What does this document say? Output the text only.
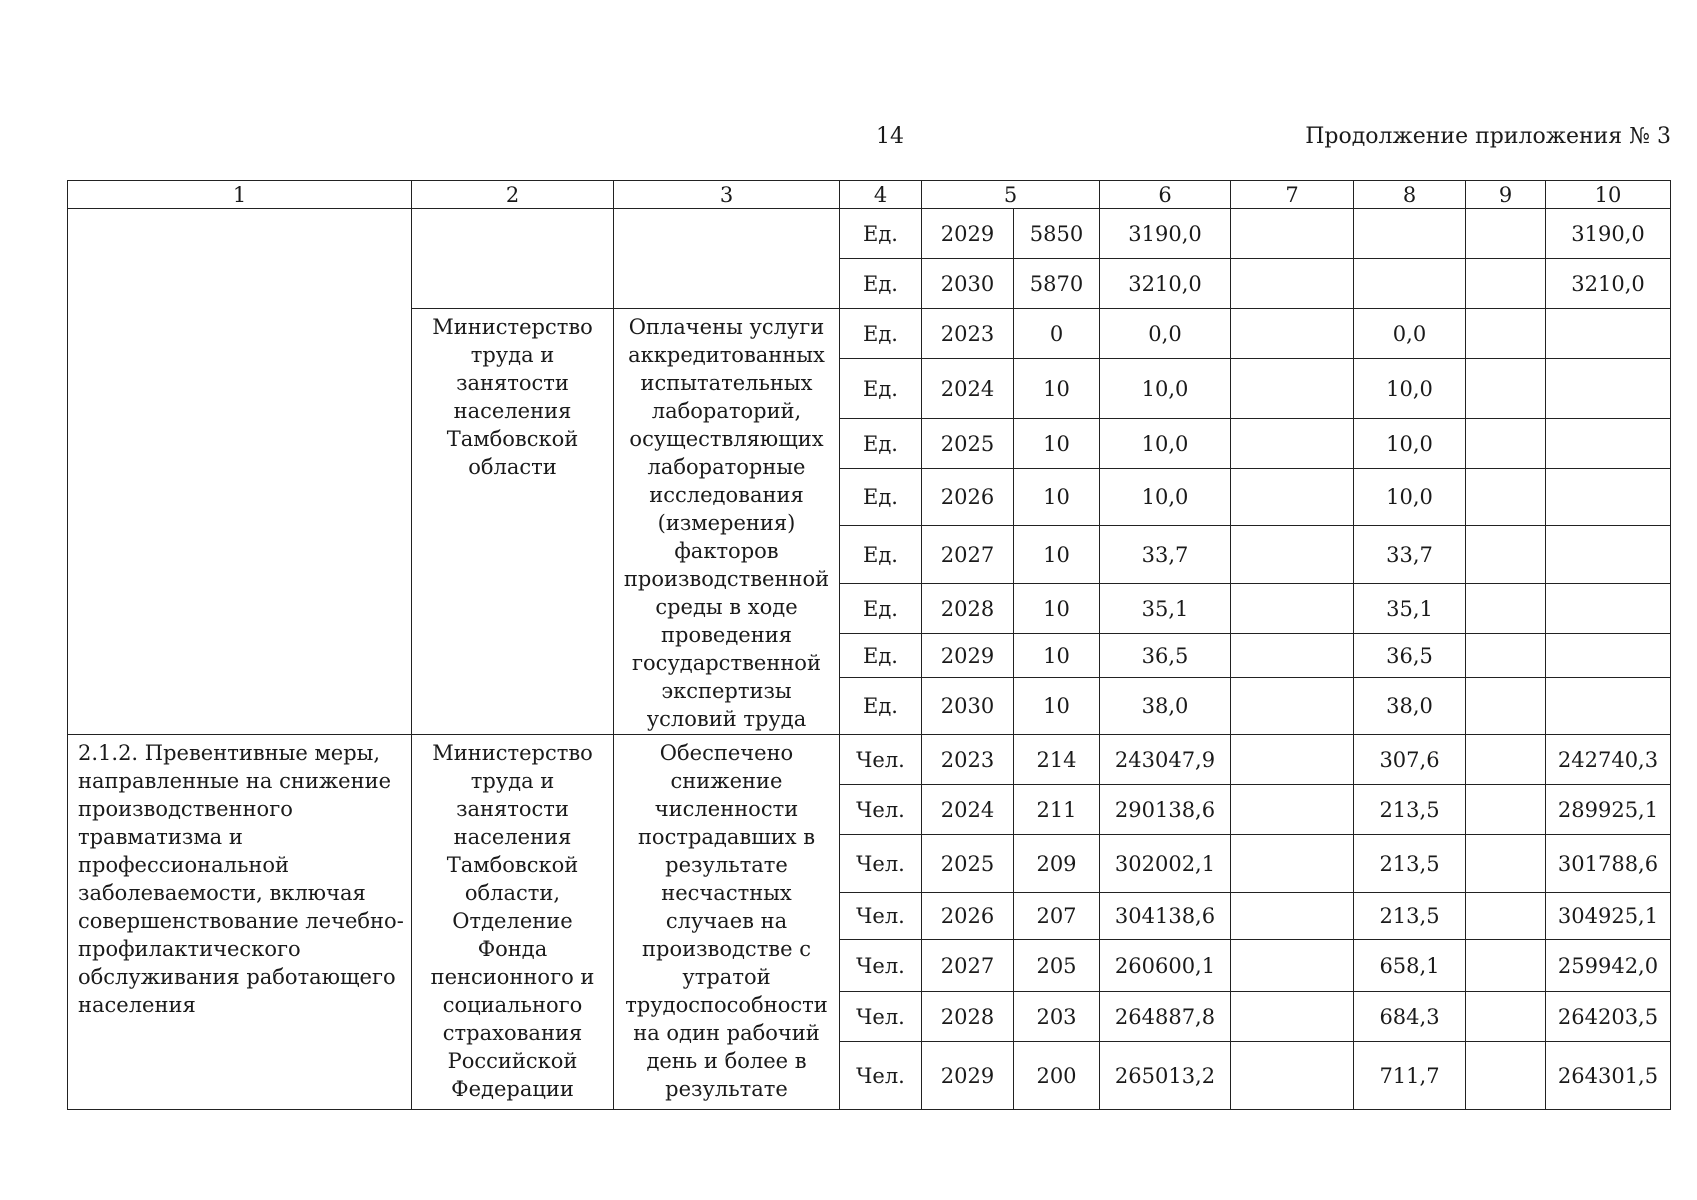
14	Продолжение приложения № 3
1	2	3	4	5		6	7	8	9	10
			Ед.	2029	5850	3190,0				3190,0
			Ед.	2030	5870	3210,0				3210,0
	Министерство труда и занятости населения Тамбовской области	Оплачены услуги аккредитованных испытательных лабораторий, осуществляющих лабораторные исследования (измерения) факторов производственной среды в ходе проведения государственной экспертизы условий труда	Ед.	2023	0	0,0		0,0		
			Ед.	2024	10	10,0		10,0		
			Ед.	2025	10	10,0		10,0		
			Ед.	2026	10	10,0		10,0		
			Ед.	2027	10	33,7		33,7		
			Ед.	2028	10	35,1		35,1		
			Ед.	2029	10	36,5		36,5		
			Ед.	2030	10	38,0		38,0		
2.1.2. Превентивные меры, направленные на снижение производственного травматизма и профессиональной заболеваемости, включая совершенствование лечебно-профилактического обслуживания работающего населения	Министерство труда и занятости населения Тамбовской области, Отделение Фонда пенсионного и социального страхования Российской Федерации	Обеспечено снижение численности пострадавших в результате несчастных случаев на производстве с утратой трудоспособности на один рабочий день и более в результате	Чел.	2023	214	243047,9		307,6		242740,3
			Чел.	2024	211	290138,6		213,5		289925,1
			Чел.	2025	209	302002,1		213,5		301788,6
			Чел.	2026	207	304138,6		213,5		304925,1
			Чел.	2027	205	260600,1		658,1		259942,0
			Чел.	2028	203	264887,8		684,3		264203,5
			Чел.	2029	200	265013,2		711,7		264301,5
